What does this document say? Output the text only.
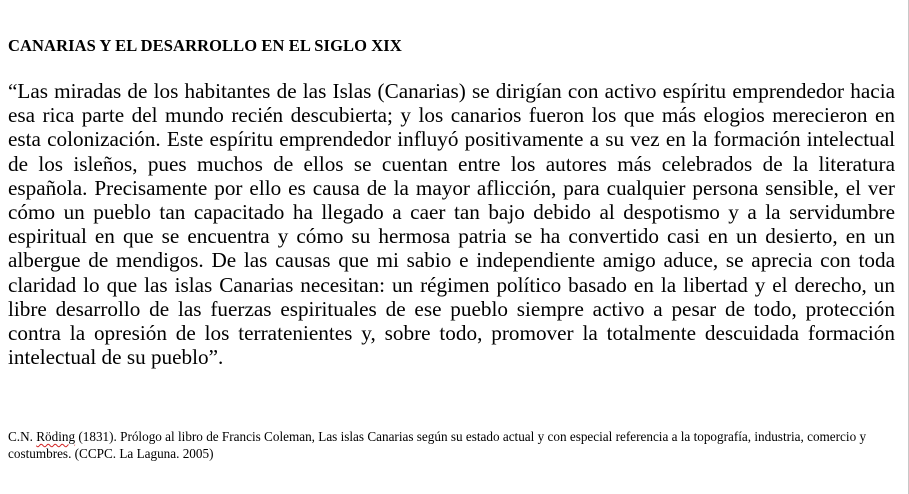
CANARIAS Y EL DESARROLLO EN EL SIGLO XIX

“Las miradas de los habitantes de las Islas (Canarias) se dirigían con activo espíritu emprendedor hacia esa rica parte del mundo recién descubierta; y los canarios fueron los que más elogios merecieron en esta colonización. Este espíritu emprendedor influyó positivamente a su vez en la formación intelectual de los isleños, pues muchos de ellos se cuentan entre los autores más celebrados de la literatura española. Precisamente por ello es causa de la mayor aflicción, para cualquier persona sensible, el ver cómo un pueblo tan capacitado ha llegado a caer tan bajo debido al despotismo y a la servidumbre espiritual en que se encuentra y cómo su hermosa patria se ha convertido casi en un desierto, en un albergue de mendigos. De las causas que mi sabio e independiente amigo aduce, se aprecia con toda claridad lo que las islas Canarias necesitan: un régimen político basado en la libertad y el derecho, un libre desarrollo de las fuerzas espirituales de ese pueblo siempre activo a pesar de todo, protección contra la opresión de los terratenientes y, sobre todo, promover la totalmente descuidada formación intelectual de su pueblo”.

C.N. Röding (1831). Prólogo al libro de Francis Coleman, Las islas Canarias según su estado actual y con especial referencia a la topografía, industria, comercio y costumbres. (CCPC. La Laguna. 2005)
